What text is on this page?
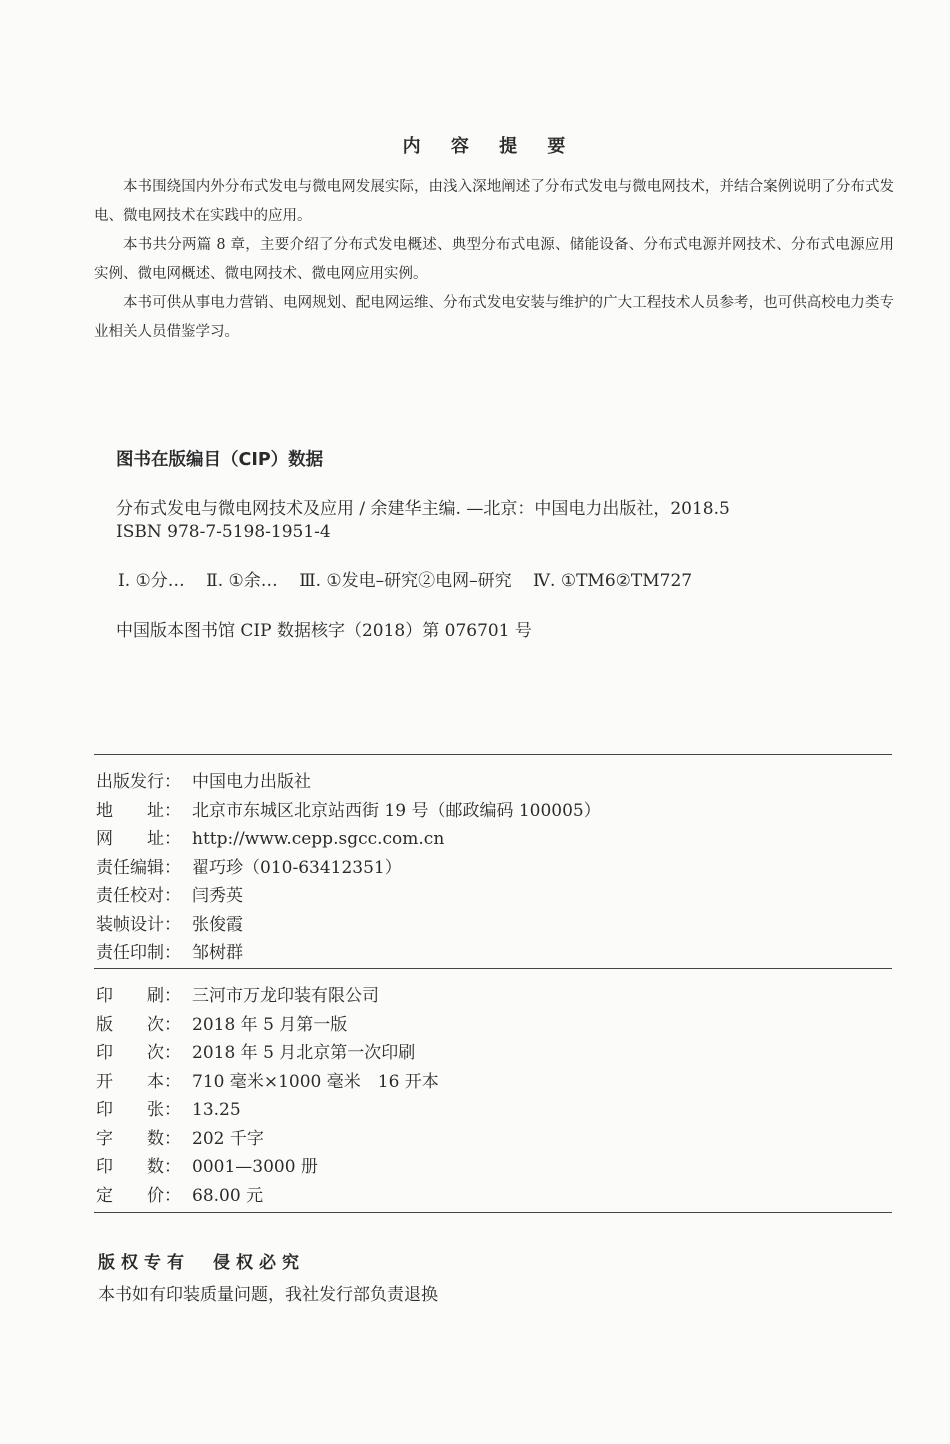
内 容 提 要

本书围绕国内外分布式发电与微电网发展实际，由浅入深地阐述了分布式发电与微电网技术，并结合案例说明了分布式发电、微电网技术在实践中的应用。

本书共分两篇 8 章，主要介绍了分布式发电概述、典型分布式电源、储能设备、分布式电源并网技术、分布式电源应用实例、微电网概述、微电网技术、微电网应用实例。

本书可供从事电力营销、电网规划、配电网运维、分布式发电安装与维护的广大工程技术人员参考，也可供高校电力类专业相关人员借鉴学习。

图书在版编目（CIP）数据
分布式发电与微电网技术及应用 / 余建华主编. —北京：中国电力出版社，2018.5
ISBN 978-7-5198-1951-4
Ⅰ. ①分… Ⅱ. ①余… Ⅲ. ①发电–研究②电网–研究 Ⅳ. ①TM6②TM727
中国版本图书馆 CIP 数据核字（2018）第 076701 号
出版发行： 中国电力出版社
地　　址： 北京市东城区北京站西街 19 号（邮政编码 100005）
网　　址： http://www.cepp.sgcc.com.cn
责任编辑： 翟巧珍（010-63412351）
责任校对： 闫秀英
装帧设计： 张俊霞
责任印制： 邹树群
印　　刷： 三河市万龙印装有限公司
版　　次： 2018 年 5 月第一版
印　　次： 2018 年 5 月北京第一次印刷
开　　本： 710 毫米×1000 毫米　16 开本
印　　张： 13.25
字　　数： 202 千字
印　　数： 0001—3000 册
定　　价： 68.00 元
版权专有　侵权必究
本书如有印装质量问题，我社发行部负责退换
